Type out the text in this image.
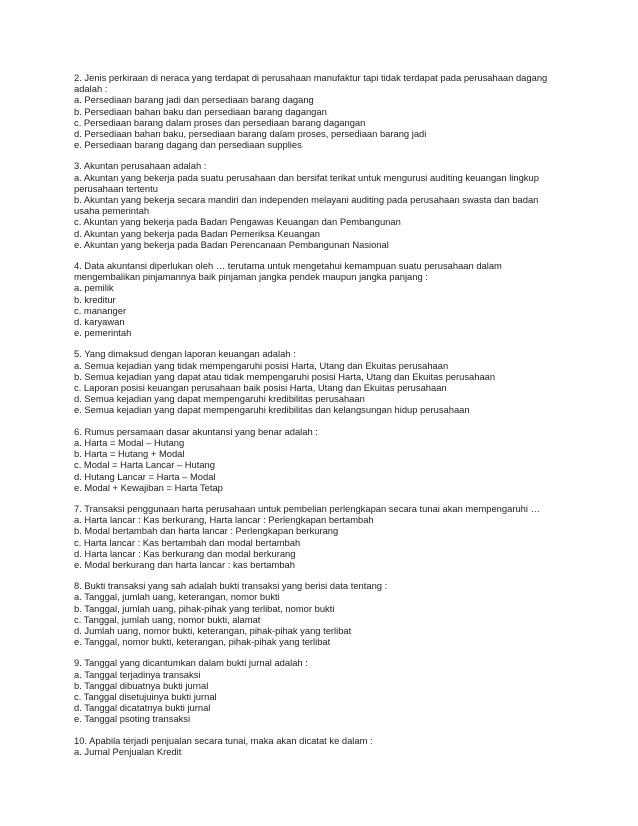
2. Jenis perkiraan di neraca yang terdapat di perusahaan manufaktur tapi tidak terdapat pada perusahaan dagang adalah :
a. Persediaan barang jadi dan persediaan barang dagang
b. Persediaan bahan baku dan persediaan barang dagangan
c. Persediaan barang dalam proses dan persediaan barang dagangan
d. Persediaan bahan baku, persediaan barang dalam proses, persediaan barang jadi
e. Persediaan barang dagang dan persediaan supplies
3. Akuntan perusahaan adalah :
a. Akuntan yang bekerja pada suatu perusahaan dan bersifat terikat untuk mengurusi auditing keuangan lingkup perusahaan tertentu
b. Akuntan yang bekerja secara mandiri dan independen melayani auditing pada perusahaan swasta dan badan usaha pemerintah
c. Akuntan yang bekerja pada Badan Pengawas Keuangan dan Pembangunan
d. Akuntan yang bekerja pada Badan Pemeriksa Keuangan
e. Akuntan yang bekerja pada Badan Perencanaan Pembangunan Nasional
4. Data akuntansi diperlukan oleh … terutama untuk mengetahui kemampuan suatu perusahaan dalam mengembalikan pinjamannya baik pinjaman jangka pendek maupun jangka panjang :
a. pemilik
b. kreditur
c. mananger
d. karyawan
e. pemerintah
5. Yang dimaksud dengan laporan keuangan adalah :
a. Semua kejadian yang tidak mempengaruhi posisi Harta, Utang dan Ekuitas perusahaan
b. Semua kejadian yang dapat atau tidak mempengaruhi posisi Harta, Utang dan Ekuitas perusahaan
c. Laporan posisi keuangan perusahaan baik posisi Harta, Utang dan Ekuitas perusahaan
d. Semua kejadian yang dapat mempengaruhi kredibilitas perusahaan
e. Semua kejadian yang dapat mempengaruhi kredibilitas dan kelangsungan hidup perusahaan
6. Rumus persamaan dasar akuntansi yang benar adalah :
a. Harta = Modal – Hutang
b. Harta = Hutang + Modal
c. Modal = Harta Lancar – Hutang
d. Hutang Lancar = Harta – Modal
e. Modal + Kewajiban = Harta Tetap
7. Transaksi penggunaan harta perusahaan untuk pembelian perlengkapan secara tunai akan mempengaruhi …
a. Harta lancar : Kas berkurang, Harta lancar : Perlengkapan bertambah
b. Modal bertambah dan harta lancar : Perlengkapan berkurang
c. Harta lancar : Kas bertambah dan modal bertambah
d. Harta lancar : Kas berkurang dan modal berkurang
e. Modal berkurang dan harta lancar : kas bertambah
8. Bukti transaksi yang sah adalah bukti transaksi yang berisi data tentang :
a. Tanggal, jumlah uang, keterangan, nomor bukti
b. Tanggal, jumlah uang, pihak-pihak yang terlibat, nomor bukti
c. Tanggal, jumlah uang, nomor bukti, alamat
d. Jumlah uang, nomor bukti, keterangan, pihak-pihak yang terlibat
e. Tanggal, nomor bukti, keterangan, pihak-pihak yang terlibat
9. Tanggal yang dicantumkan dalam bukti jurnal adalah :
a. Tanggal terjadinya transaksi
b. Tanggal dibuatnya bukti jurnal
c. Tanggal disetujuinya bukti jurnal
d. Tanggal dicatatnya bukti jurnal
e. Tanggal psoting transaksi
10. Apabila terjadi penjualan secara tunai, maka akan dicatat ke dalam :
a. Jurnal Penjualan Kredit
